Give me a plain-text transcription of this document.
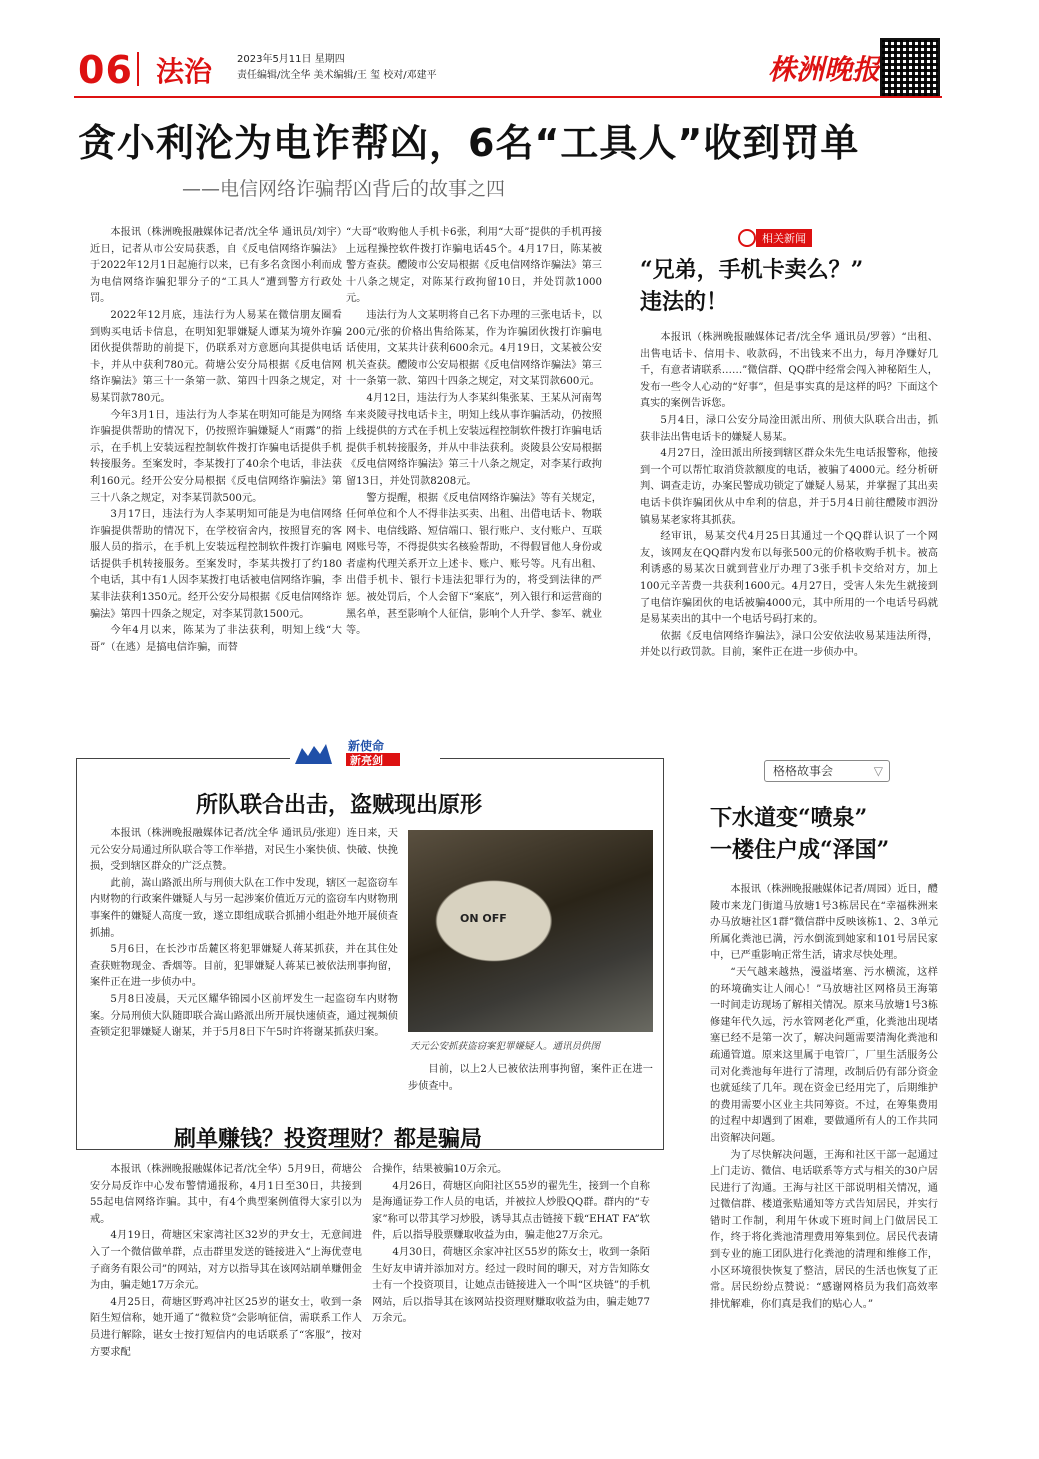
06 法治 2023年5月11日 星期四
责任编辑/沈全华 美术编辑/王 玺 校对/邓建平	株洲晚报
贪小利沦为电诈帮凶，6名“工具人”收到罚单
——电信网络诈骗帮凶背后的故事之四

本报讯（株洲晚报融媒体记者/沈全华 通讯员/刘宇）近日，记者从市公安局获悉，自《反电信网络诈骗法》于2022年12月1日起施行以来，已有多名贪图小利而成为电信网络诈骗犯罪分子的“工具人”遭到警方行政处罚。

2022年12月底，违法行为人易某在微信朋友圈看到购买电话卡信息，在明知犯罪嫌疑人谭某为境外诈骗团伙提供帮助的前提下，仍联系对方意愿向其提供电话卡，并从中获利780元。荷塘公安分局根据《反电信网络诈骗法》第三十一条第一款、第四十四条之规定，对易某罚款780元。

今年3月1日，违法行为人李某在明知可能是为网络诈骗提供帮助的情况下，仍按照诈骗嫌疑人“雨露”的指示，在手机上安装远程控制软件拨打诈骗电话提供手机转接服务。至案发时，李某拨打了40余个电话，非法获利160元。经开公安分局根据《反电信网络诈骗法》第三十八条之规定，对李某罚款500元。

3月17日，违法行为人李某明知可能是为电信网络诈骗提供帮助的情况下，在学校宿舍内，按照冒充的客服人员的指示，在手机上安装远程控制软件拨打诈骗电话提供手机转接服务。至案发时，李某共拨打了约180个电话，其中有1人因李某拨打电话被电信网络诈骗，李某非法获利1350元。经开公安分局根据《反电信网络诈骗法》第四十四条之规定，对李某罚款1500元。

今年4月以来，陈某为了非法获利，明知上线“大哥”（在逃）是搞电信诈骗，而替

“大哥”收购他人手机卡6张，利用“大哥”提供的手机再接上远程操控软件拨打诈骗电话45个。4月17日，陈某被警方查获。醴陵市公安局根据《反电信网络诈骗法》第三十八条之规定，对陈某行政拘留10日，并处罚款1000元。

违法行为人文某明将自己名下办理的三张电话卡，以200元/张的价格出售给陈某，作为诈骗团伙拨打诈骗电话使用，文某共计获利600余元。4月19日，文某被公安机关查获。醴陵市公安局根据《反电信网络诈骗法》第三十一条第一款、第四十四条之规定，对文某罚款600元。

4月12日，违法行为人李某纠集张某、王某从河南驾车来炎陵寻找电话卡主，明知上线从事诈骗活动，仍按照上线提供的方式在手机上安装远程控制软件拨打诈骗电话提供手机转接服务，并从中非法获利。炎陵县公安局根据《反电信网络诈骗法》第三十八条之规定，对李某行政拘留13日，并处罚款8208元。

警方提醒，根据《反电信网络诈骗法》等有关规定，任何单位和个人不得非法买卖、出租、出借电话卡、物联网卡、电信线路、短信端口、银行账户、支付账户、互联网账号等，不得提供实名核验帮助，不得假冒他人身份或者虚构代理关系开立上述卡、账户、账号等。凡有出租、出借手机卡、银行卡违法犯罪行为的，将受到法律的严惩。被处罚后，个人会留下“案底”，列入银行和运营商的黑名单，甚至影响个人征信，影响个人升学、参军、就业等。

相关新闻
“兄弟，手机卡卖么？”
违法的！

本报讯（株洲晚报融媒体记者/沈全华 通讯员/罗蓉）“出租、出售电话卡、信用卡、收款码，不出钱来不出力，每月净赚好几千，有意者请联系……”微信群、QQ群中经常会闯入神秘陌生人，发布一些令人心动的“好事”，但是事实真的是这样的吗？下面这个真实的案例告诉您。

5月4日，渌口公安分局淦田派出所、刑侦大队联合出击，抓获非法出售电话卡的嫌疑人易某。

4月27日，淦田派出所接到辖区群众朱先生电话报警称，他接到一个可以帮忙取消贷款额度的电话，被骗了4000元。经分析研判、调查走访，办案民警成功锁定了嫌疑人易某，并掌握了其出卖电话卡供诈骗团伙从中牟利的信息，并于5月4日前往醴陵市泗汾镇易某老家将其抓获。

经审讯，易某交代4月25日其通过一个QQ群认识了一个网友，该网友在QQ群内发布以每张500元的价格收购手机卡。被高利诱惑的易某次日就到营业厅办理了3张手机卡交给对方，加上100元辛苦费一共获利1600元。4月27日，受害人朱先生就接到了电信诈骗团伙的电话被骗4000元，其中所用的一个电话号码就是易某卖出的其中一个电话号码打来的。

依据《反电信网络诈骗法》，渌口公安依法收易某违法所得，并处以行政罚款。目前，案件正在进一步侦办中。

新使命
新亮剑
所队联合出击，盗贼现出原形

本报讯（株洲晚报融媒体记者/沈全华 通讯员/张迎）连日来，天元公安分局通过所队联合等工作举措，对民生小案快侦、快破、快挽损，受到辖区群众的广泛点赞。

此前，嵩山路派出所与刑侦大队在工作中发现，辖区一起盗窃车内财物的行政案件嫌疑人与另一起涉案价值近万元的盗窃车内财物刑事案件的嫌疑人高度一致，遂立即组成联合抓捕小组赴外地开展侦查抓捕。

5月6日，在长沙市岳麓区将犯罪嫌疑人蒋某抓获，并在其住处查获赃物现金、香烟等。目前，犯罪嫌疑人蒋某已被依法刑事拘留，案件正在进一步侦办中。

5月8日凌晨，天元区耀华锦园小区前坪发生一起盗窃车内财物案。分局刑侦大队随即联合嵩山路派出所开展快速侦查，通过视频侦查锁定犯罪嫌疑人谢某，并于5月8日下午5时许将谢某抓获归案。

ON OFF
天元公安抓获盗窃案犯罪嫌疑人。通讯员供图

目前，以上2人已被依法刑事拘留，案件正在进一步侦查中。

刷单赚钱？投资理财？都是骗局

本报讯（株洲晚报融媒体记者/沈全华）5月9日，荷塘公安分局反诈中心发布警情通报称，4月1日至30日，共接到55起电信网络诈骗。其中，有4个典型案例值得大家引以为戒。

4月19日，荷塘区宋家湾社区32岁的尹女士，无意间进入了一个微信做单群，点击群里发送的链接进入“上海优壹电子商务有限公司”的网站，对方以指导其在该网站刷单赚佣金为由，骗走她17万余元。

4月25日，荷塘区野鸡冲社区25岁的谌女士，收到一条陌生短信称，她开通了“微粒贷”会影响征信，需联系工作人员进行解除，谌女士按打短信内的电话联系了“客服”，按对方要求配

合操作，结果被骗10万余元。

4月26日，荷塘区向阳社区55岁的翟先生，接到一个自称是海通证券工作人员的电话，并被拉人炒股QQ群。群内的“专家”称可以带其学习炒股，诱导其点击链接下载“EHAT FA”软件，后以指导股票赚取收益为由，骗走他27万余元。

4月30日，荷塘区余家冲社区55岁的陈女士，收到一条陌生好友申请并添加对方。经过一段时间的聊天，对方告知陈女士有一个投资项目，让她点击链接进入一个叫“区块链”的手机网站，后以指导其在该网站投资理财赚取收益为由，骗走她77万余元。

格格故事会	▽
下水道变“喷泉”
一楼住户成“泽国”

本报讯（株洲晚报融媒体记者/周园）近日，醴陵市来龙门街道马放塘1号3栋居民在“幸福株洲来办马放塘社区1群”微信群中反映该栋1、2、3单元所属化粪池已满，污水倒流到她家和101号居民家中，已严重影响正常生活，请求尽快处理。

“天气越来越热，漫溢堵塞、污水横流，这样的环境确实让人闹心！”马放塘社区网格员王海第一时间走访现场了解相关情况。原来马放塘1号3栋修建年代久远，污水管网老化严重，化粪池出现堵塞已经不是第一次了，解决问题需要清淘化粪池和疏通管道。原来这里属于电管厂，厂里生活服务公司对化粪池每年进行了清理，改制后仍有部分资金也就延续了几年。现在资金已经用完了，后期维护的费用需要小区业主共同筹资。不过，在筹集费用的过程中却遇到了困难，要做通所有人的工作共同出资解决问题。

为了尽快解决问题，王海和社区干部一起通过上门走访、微信、电话联系等方式与相关的30户居民进行了沟通。王海与社区干部说明相关情况，通过微信群、楼道张贴通知等方式告知居民，并实行错时工作制，利用午休或下班时间上门做居民工作，终于将化粪池清理费用筹集到位。居民代表请到专业的施工团队进行化粪池的清理和维修工作，小区环境很快恢复了整洁，居民的生活也恢复了正常。居民纷纷点赞说：“感谢网格员为我们高效率排忧解难，你们真是我们的贴心人。”
